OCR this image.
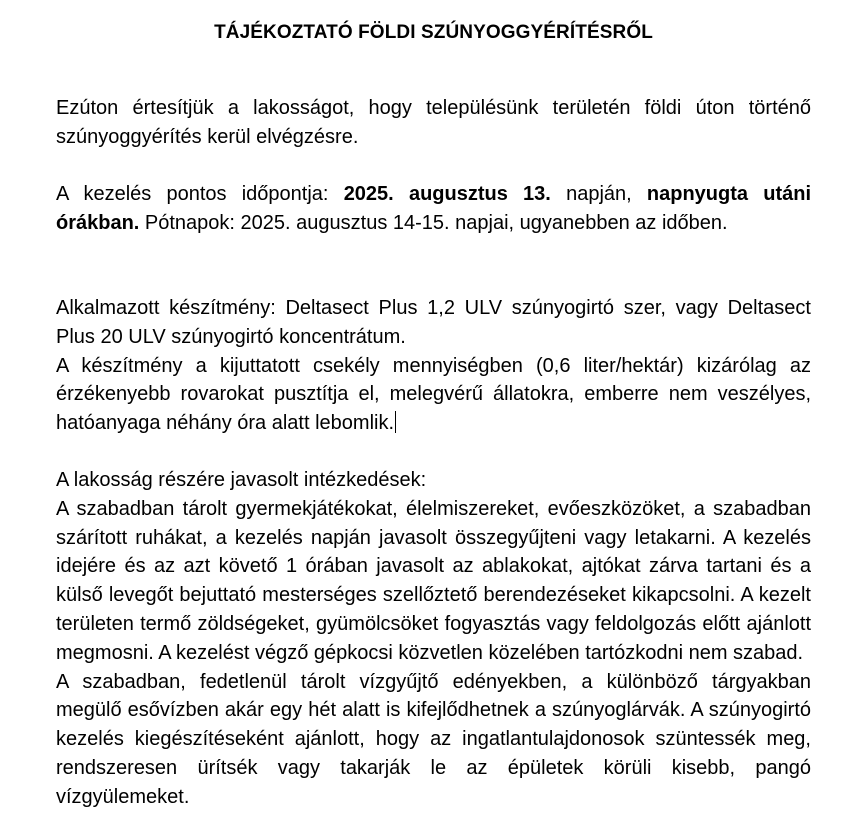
TÁJÉKOZTATÓ FÖLDI SZÚNYOGGYÉRÍTÉSRŐL

Ezúton értesítjük a lakosságot, hogy településünk területén földi úton történő szúnyoggyérítés kerül elvégzésre.

A kezelés pontos időpontja: 2025. augusztus 13. napján, napnyugta utáni órákban. Pótnapok: 2025. augusztus 14-15. napjai, ugyanebben az időben.

Alkalmazott készítmény: Deltasect Plus 1,2 ULV szúnyogirtó szer, vagy Deltasect Plus 20 ULV szúnyogirtó koncentrátum.

A készítmény a kijuttatott csekély mennyiségben (0,6 liter/hektár) kizárólag az érzékenyebb rovarokat pusztítja el, melegvérű állatokra, emberre nem veszélyes, hatóanyaga néhány óra alatt lebomlik.

A lakosság részére javasolt intézkedések:

A szabadban tárolt gyermekjátékokat, élelmiszereket, evőeszközöket, a szabadban szárított ruhákat, a kezelés napján javasolt összegyűjteni vagy letakarni. A kezelés idejére és az azt követő 1 órában javasolt az ablakokat, ajtókat zárva tartani és a külső levegőt bejuttató mesterséges szellőztető berendezéseket kikapcsolni. A kezelt területen termő zöldségeket, gyümölcsöket fogyasztás vagy feldolgozás előtt ajánlott megmosni. A kezelést végző gépkocsi közvetlen közelében tartózkodni nem szabad.

A szabadban, fedetlenül tárolt vízgyűjtő edényekben, a különböző tárgyakban megülő esővízben akár egy hét alatt is kifejlődhetnek a szúnyoglárvák. A szúnyogirtó kezelés kiegészítéseként ajánlott, hogy az ingatlantulajdonosok szüntessék meg, rendszeresen ürítsék vagy takarják le az épületek körüli kisebb, pangó vízgyülemeket.
